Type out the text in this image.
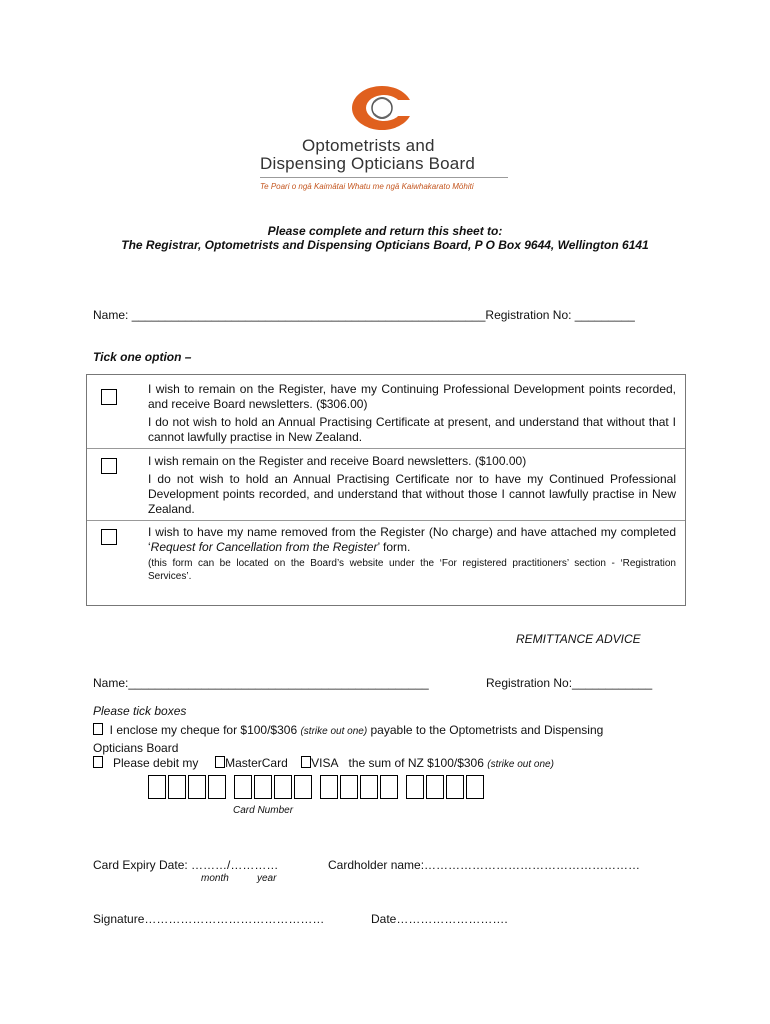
Optometrists and
Dispensing Opticians Board
Te Poari o ngā Kaimātai Whatu me ngā Kaiwhakarato Mōhiti
Please complete and return this sheet to:
The Registrar, Optometrists and Dispensing Opticians Board, P O Box 9644, Wellington 6141
Name: _____________________________________________________Registration No: _________
Tick one option –
I wish to remain on the Register, have my Continuing Professional Development points recorded, and receive Board newsletters. ($306.00)
I do not wish to hold an Annual Practising Certificate at present, and understand that without that I cannot lawfully practise in New Zealand.
I wish remain on the Register and receive Board newsletters. ($100.00)
I do not wish to hold an Annual Practising Certificate nor to have my Continued Professional Development points recorded, and understand that without those I cannot lawfully practise in New Zealand.
I wish to have my name removed from the Register (No charge) and have attached my completed ‘Request for Cancellation from the Register’ form.
(this form can be located on the Board’s website under the ‘For registered practitioners’ section - ‘Registration Services’.
REMITTANCE ADVICE
Name:_____________________________________________	Registration No:____________
Please tick boxes
I enclose my cheque for $100/$306 (strike out one) payable to the Optometrists and Dispensing
Opticians Board
Please debit my MasterCard VISA the sum of NZ $100/$306 (strike out one)
Card Number
Card Expiry Date: ………/…………
month	year
Cardholder name:………………………………………………
Signature………………………………………	Date……………………….
